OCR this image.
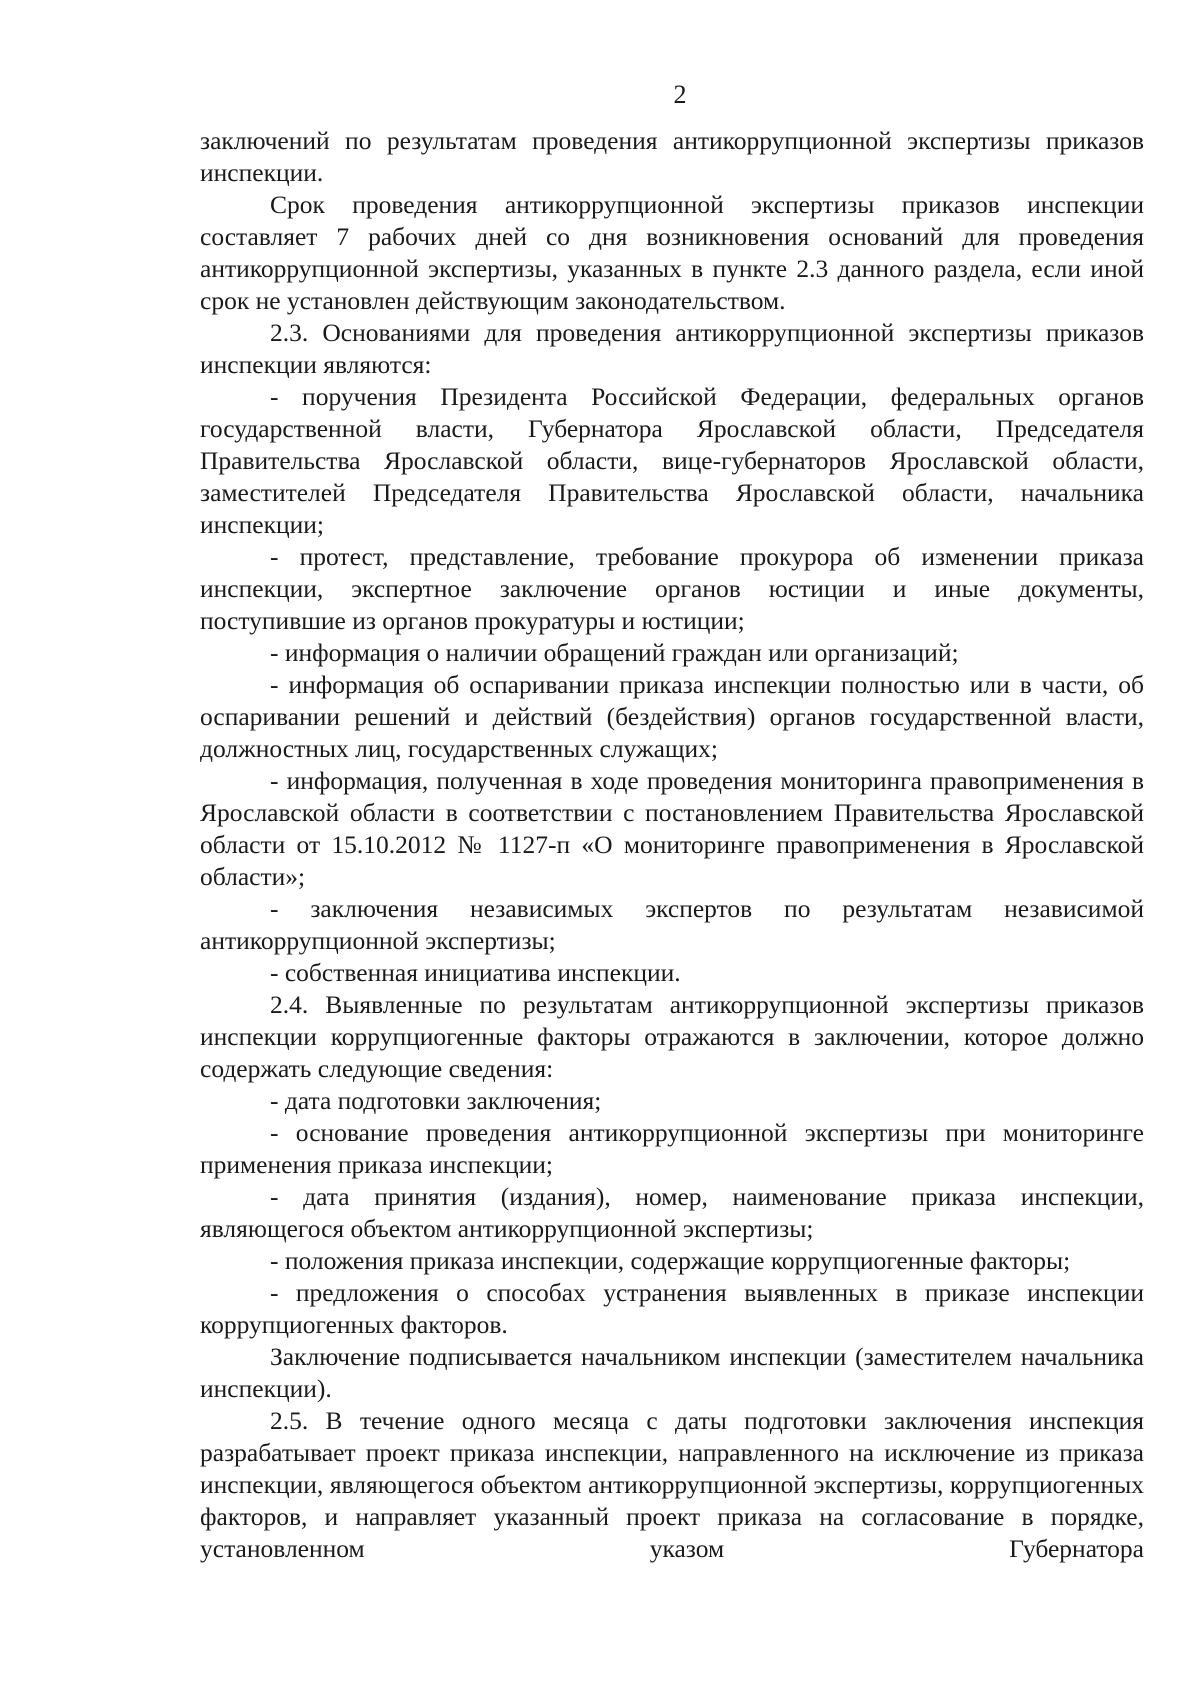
2

заключений по результатам проведения антикоррупционной экспертизы приказов инспекции.

Срок проведения антикоррупционной экспертизы приказов инспекции составляет 7 рабочих дней со дня возникновения оснований для проведения антикоррупционной экспертизы, указанных в пункте 2.3 данного раздела, если иной срок не установлен действующим законодательством.

2.3. Основаниями для проведения антикоррупционной экспертизы приказов инспекции являются:

- поручения Президента Российской Федерации, федеральных органов государственной власти, Губернатора Ярославской области, Председателя Правительства Ярославской области, вице-губернаторов Ярославской области, заместителей Председателя Правительства Ярославской области, начальника инспекции;

- протест, представление, требование прокурора об изменении приказа инспекции, экспертное заключение органов юстиции и иные документы, поступившие из органов прокуратуры и юстиции;

- информация о наличии обращений граждан или организаций;

- информация об оспаривании приказа инспекции полностью или в части, об оспаривании решений и действий (бездействия) органов государственной власти, должностных лиц, государственных служащих;

- информация, полученная в ходе проведения мониторинга правоприменения в Ярославской области в соответствии с постановлением Правительства Ярославской области от 15.10.2012 № 1127-п «О мониторинге правоприменения в Ярославской области»;

- заключения независимых экспертов по результатам независимой антикоррупционной экспертизы;

- собственная инициатива инспекции.

2.4. Выявленные по результатам антикоррупционной экспертизы приказов инспекции коррупциогенные факторы отражаются в заключении, которое должно содержать следующие сведения:

- дата подготовки заключения;

- основание проведения антикоррупционной экспертизы при мониторинге применения приказа инспекции;

- дата принятия (издания), номер, наименование приказа инспекции, являющегося объектом антикоррупционной экспертизы;

- положения приказа инспекции, содержащие коррупциогенные факторы;

- предложения о способах устранения выявленных в приказе инспекции коррупциогенных факторов.

Заключение подписывается начальником инспекции (заместителем начальника инспекции).

2.5. В течение одного месяца с даты подготовки заключения инспекция разрабатывает проект приказа инспекции, направленного на исключение из приказа инспекции, являющегося объектом антикоррупционной экспертизы, коррупциогенных факторов, и направляет указанный проект приказа на согласование в порядке, установленном указом Губернатора
